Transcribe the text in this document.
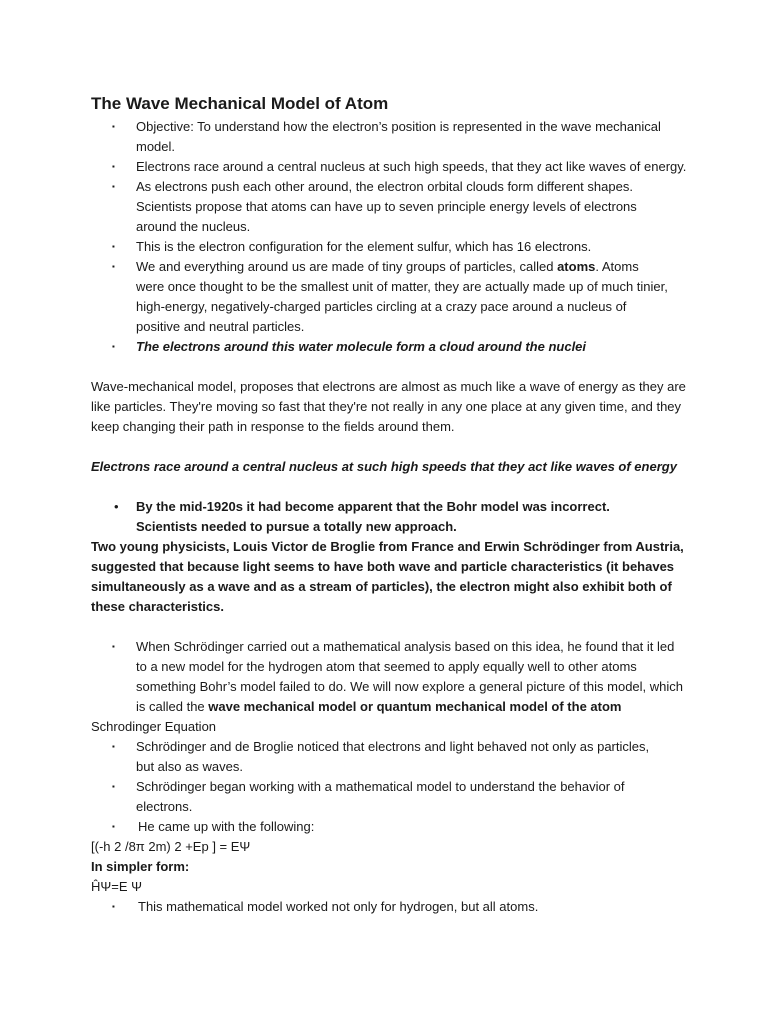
The Wave Mechanical Model of Atom
▪ Objective: To understand how the electron’s position is represented in the wave mechanical model.
▪ Electrons race around a central nucleus at such high speeds, that they act like waves of energy.
▪ As electrons push each other around, the electron orbital clouds form different shapes. Scientists propose that atoms can have up to seven principle energy levels of electrons around the nucleus.
▪ This is the electron configuration for the element sulfur, which has 16 electrons.
▪ We and everything around us are made of tiny groups of particles, called atoms. Atoms were once thought to be the smallest unit of matter, they are actually made up of much tinier, high-energy, negatively-charged particles circling at a crazy pace around a nucleus of positive and neutral particles.
▪ The electrons around this water molecule form a cloud around the nuclei
Wave-mechanical model, proposes that electrons are almost as much like a wave of energy as they are like particles. They're moving so fast that they're not really in any one place at any given time, and they keep changing their path in response to the fields around them.
Electrons race around a central nucleus at such high speeds that they act like waves of energy
• By the mid-1920s it had become apparent that the Bohr model was incorrect. Scientists needed to pursue a totally new approach.
Two young physicists, Louis Victor de Broglie from France and Erwin Schrödinger from Austria, suggested that because light seems to have both wave and particle characteristics (it behaves simultaneously as a wave and as a stream of particles), the electron might also exhibit both of these characteristics.
▪ When Schrödinger carried out a mathematical analysis based on this idea, he found that it led to a new model for the hydrogen atom that seemed to apply equally well to other atoms something Bohr’s model failed to do. We will now explore a general picture of this model, which is called the wave mechanical model or quantum mechanical model of the atom
Schrodinger Equation
▪ Schrödinger and de Broglie noticed that electrons and light behaved not only as particles, but also as waves.
▪ Schrödinger began working with a mathematical model to understand the behavior of electrons.
▪ He came up with the following:
[(-h 2 /8π 2m) 2 +Ep ] = EΨ
In simpler form:
ĤΨ=E Ψ
▪ This mathematical model worked not only for hydrogen, but all atoms.
